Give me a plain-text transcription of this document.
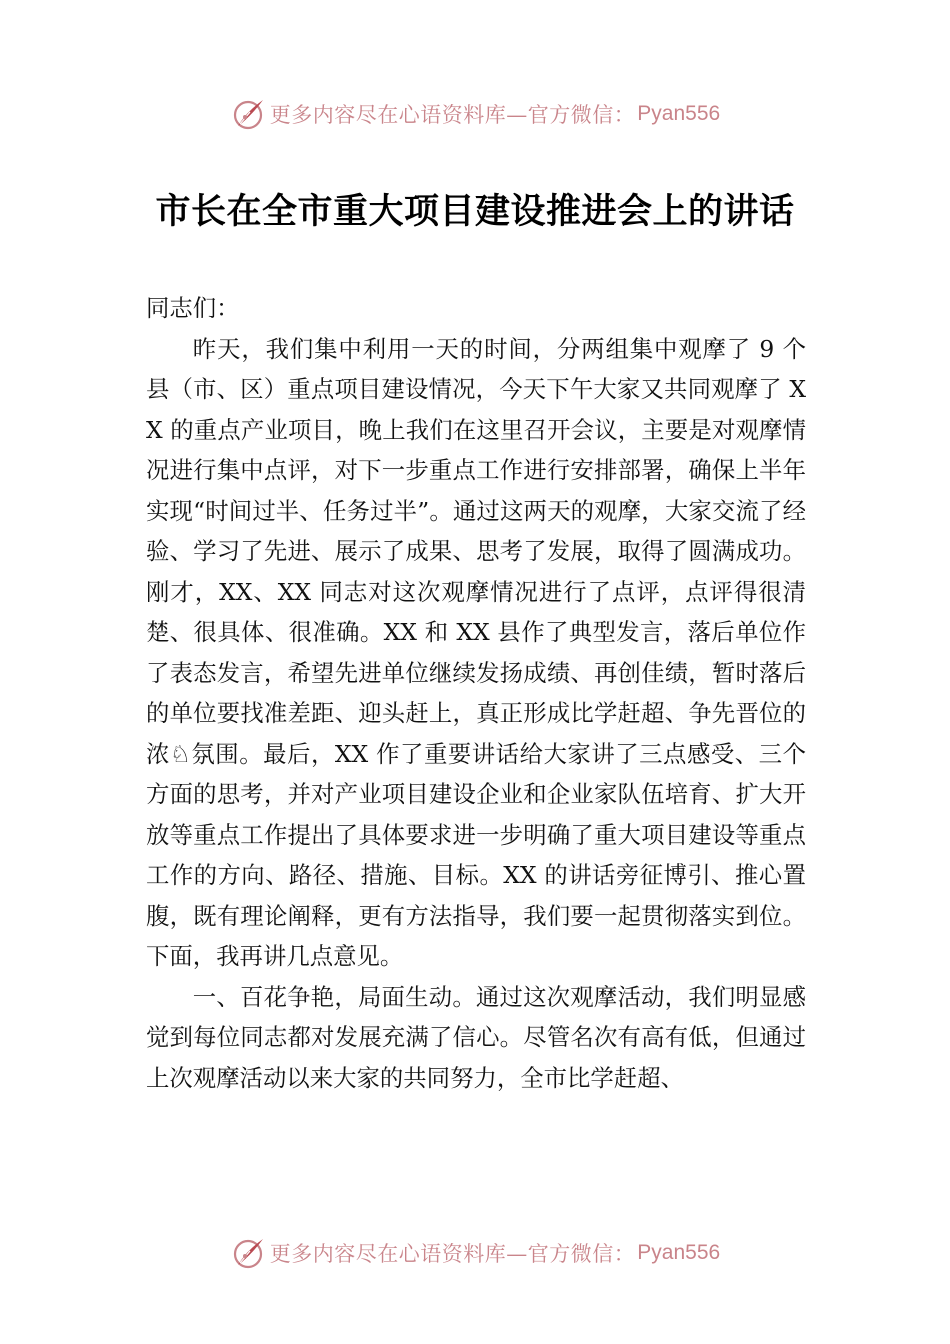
更多内容尽在心语资料库—官方微信： Pyan556
市长在全市重大项目建设推进会上的讲话

同志们：

昨天，我们集中利用一天的时间，分两组集中观摩了 9 个县（市、区）重点项目建设情况，今天下午大家又共同观摩了 XX 的重点产业项目，晚上我们在这里召开会议，主要是对观摩情况进行集中点评，对下一步重点工作进行安排部署，确保上半年实现“时间过半、任务过半”。通过这两天的观摩，大家交流了经验、学习了先进、展示了成果、思考了发展，取得了圆满成功。刚才，XX、XX 同志对这次观摩情况进行了点评，点评得很清楚、很具体、很准确。XX 和 XX 县作了典型发言，落后单位作了表态发言，希望先进单位继续发扬成绩、再创佳绩，暂时落后的单位要找准差距、迎头赶上，真正形成比学赶超、争先晋位的浓♘氛围。最后，XX 作了重要讲话给大家讲了三点感受、三个方面的思考，并对产业项目建设企业和企业家队伍培育、扩大开放等重点工作提出了具体要求进一步明确了重大项目建设等重点工作的方向、路径、措施、目标。XX 的讲话旁征博引、推心置腹，既有理论阐释，更有方法指导，我们要一起贯彻落实到位。 下面，我再讲几点意见。

一、百花争艳，局面生动。通过这次观摩活动，我们明显感觉到每位同志都对发展充满了信心。尽管名次有高有低，但通过上次观摩活动以来大家的共同努力，全市比学赶超、

更多内容尽在心语资料库—官方微信： Pyan556
